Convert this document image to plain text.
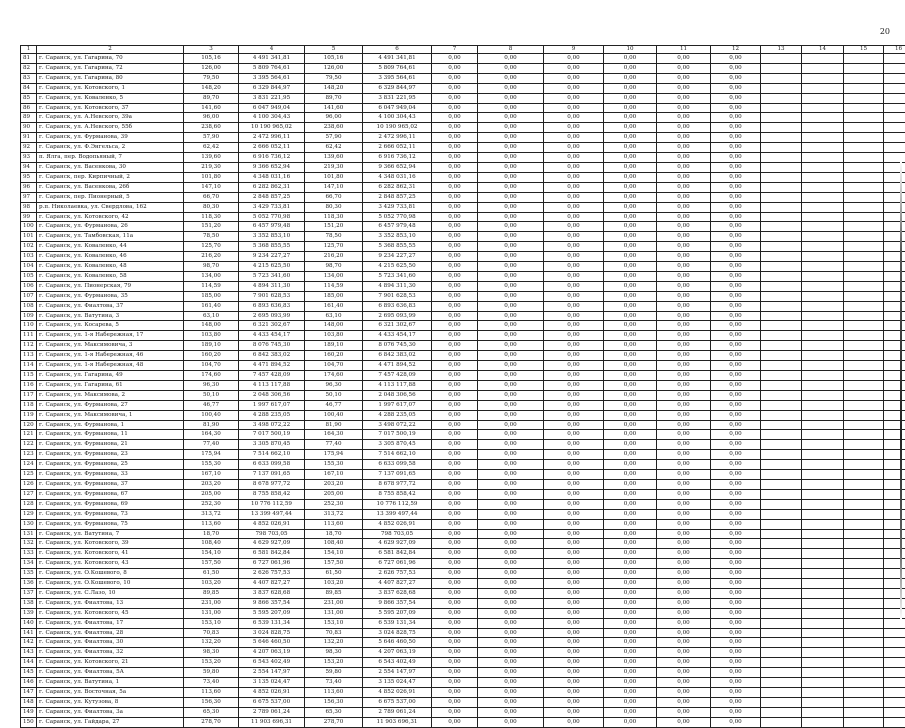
20
1	2	3	4	5	6	7	8	9	10	11	12	13	14	15	16
81	г. Саранск, ул. Гагарина, 70	105,16	4 491 341,81	105,16	4 491 341,81	0,00	0,00	0,00	0,00	0,00	0,00				
82	г. Саранск, ул. Гагарина, 72	126,00	5 809 764,61	126,00	5 809 764,61	0,00	0,00	0,00	0,00	0,00	0,00				
83	г. Саранск, ул. Гагарина, 80	79,50	3 395 564,61	79,50	3 395 564,61	0,00	0,00	0,00	0,00	0,00	0,00				
84	г. Саранск, ул. Котовского, 1	148,20	6 329 844,97	148,20	6 329 844,97	0,00	0,00	0,00	0,00	0,00	0,00				
85	г. Саранск, ул. Коваленко, 5	89,70	3 831 221,95	89,70	3 831 221,95	0,00	0,00	0,00	0,00	0,00	0,00				
86	г. Саранск, ул. Котовского, 37	141,60	6 047 949,04	141,60	6 047 949,04	0,00	0,00	0,00	0,00	0,00	0,00				
89	г. Саранск, ул. А.Невского, 39а	96,00	4 100 304,43	96,00	4 100 304,43	0,00	0,00	0,00	0,00	0,00	0,00				
90	г. Саранск, ул. А.Невского, 55б	238,60	10 190 965,02	238,60	10 190 965,02	0,00	0,00	0,00	0,00	0,00	0,00				
91	г. Саранск, ул. Фурманова, 39	57,90	2 472 996,11	57,90	2 472 996,11	0,00	0,00	0,00	0,00	0,00	0,00				
92	г. Саранск, ул. Ф.Энгельса, 2	62,42	2 666 052,11	62,42	2 666 052,11	0,00	0,00	0,00	0,00	0,00	0,00				
93	п. Ялга, пер. Водопьяный, 7	139,60	6 916 736,12	139,60	6 916 736,12	0,00	0,00	0,00	0,00	0,00	0,00				
94	г. Саранск, ул. Васенкова, 30	219,30	9 366 652,94	219,30	9 366 652,94	0,00	0,00	0,00	0,00	0,00	0,00				
95	г. Саранск, пер. Кирпичный, 2	101,80	4 348 031,16	101,80	4 348 031,16	0,00	0,00	0,00	0,00	0,00	0,00				
96	г. Саранск, ул. Васенкова, 26б	147,10	6 282 862,31	147,10	6 282 862,31	0,00	0,00	0,00	0,00	0,00	0,00				
97	г. Саранск, пер. Пионерный, 5	66,70	2 848 857,25	66,70	2 848 857,25	0,00	0,00	0,00	0,00	0,00	0,00				
98	р.п. Николаевка, ул. Свердлова, 162	80,30	3 429 733,81	80,30	3 429 733,81	0,00	0,00	0,00	0,00	0,00	0,00				
99	г. Саранск, ул. Котовского, 42	118,30	5 052 770,98	118,30	5 052 770,98	0,00	0,00	0,00	0,00	0,00	0,00				
100	г. Саранск, ул. Фурманова, 26	151,20	6 457 979,48	151,20	6 457 979,48	0,00	0,00	0,00	0,00	0,00	0,00				
101	г. Саранск, ул. Тамбовская, 11а	78,50	3 352 853,10	78,50	3 352 853,10	0,00	0,00	0,00	0,00	0,00	0,00				
102	г. Саранск, ул. Коваленко, 44	125,70	5 368 855,55	125,70	5 368 855,55	0,00	0,00	0,00	0,00	0,00	0,00				
103	г. Саранск, ул. Коваленко, 46	216,20	9 234 227,27	216,20	9 234 227,27	0,00	0,00	0,00	0,00	0,00	0,00				
104	г. Саранск, ул. Коваленко, 48	98,70	4 215 625,50	98,70	4 215 625,50	0,00	0,00	0,00	0,00	0,00	0,00				
105	г. Саранск, ул. Коваленко, 58	134,00	5 723 341,60	134,00	5 723 341,60	0,00	0,00	0,00	0,00	0,00	0,00				
106	г. Саранск, ул. Пионерская, 79	114,59	4 894 311,30	114,59	4 894 311,30	0,00	0,00	0,00	0,00	0,00	0,00				
107	г. Саранск, ул. Фурманова, 35	185,00	7 901 628,53	185,00	7 901 628,53	0,00	0,00	0,00	0,00	0,00	0,00				
108	г. Саранск, ул. Фиалтова, 37	161,40	6 893 636,83	161,40	6 893 636,83	0,00	0,00	0,00	0,00	0,00	0,00				
109	г. Саранск, ул. Ватутина, 3	63,10	2 695 093,99	63,10	2 695 093,99	0,00	0,00	0,00	0,00	0,00	0,00				
110	г. Саранск, ул. Косарева, 5	148,00	6 321 302,67	148,00	6 321 302,67	0,00	0,00	0,00	0,00	0,00	0,00				
111	г. Саранск, ул. 1-я Набережная, 17	103,80	4 433 454,17	103,80	4 433 454,17	0,00	0,00	0,00	0,00	0,00	0,00				
112	г. Саранск, ул. Максимовича, 3	189,10	8 076 745,30	189,10	8 076 745,30	0,00	0,00	0,00	0,00	0,00	0,00				
113	г. Саранск, ул. 1-я Набережная, 46	160,20	6 842 383,02	160,20	6 842 383,02	0,00	0,00	0,00	0,00	0,00	0,00				
114	г. Саранск, ул. 1-я Набережная, 48	104,70	4 471 894,52	104,70	4 471 894,52	0,00	0,00	0,00	0,00	0,00	0,00				
115	г. Саранск, ул. Гагарина, 49	174,60	7 457 428,09	174,60	7 457 428,09	0,00	0,00	0,00	0,00	0,00	0,00				
116	г. Саранск, ул. Гагарина, 61	96,30	4 113 117,88	96,30	4 113 117,88	0,00	0,00	0,00	0,00	0,00	0,00				
117	г. Саранск, ул. Максимова, 2	50,10	2 048 306,56	50,10	2 048 306,56	0,00	0,00	0,00	0,00	0,00	0,00				
118	г. Саранск, ул. Фурманова, 27	46,77	1 997 617,07	46,77	1 997 617,07	0,00	0,00	0,00	0,00	0,00	0,00				
119	г. Саранск, ул. Максимовича, 1	100,40	4 288 235,05	100,40	4 288 235,05	0,00	0,00	0,00	0,00	0,00	0,00				
120	г. Саранск, ул. Фурманова, 1	81,90	3 498 072,22	81,90	3 498 072,22	0,00	0,00	0,00	0,00	0,00	0,00				
121	г. Саранск, ул. Фурманова, 11	164,30	7 017 500,19	164,30	7 017 500,19	0,00	0,00	0,00	0,00	0,00	0,00				
122	г. Саранск, ул. Фурманова, 21	77,40	3 305 870,45	77,40	3 305 870,45	0,00	0,00	0,00	0,00	0,00	0,00				
123	г. Саранск, ул. Фурманова, 23	175,94	7 514 662,10	175,94	7 514 662,10	0,00	0,00	0,00	0,00	0,00	0,00				
124	г. Саранск, ул. Фурманова, 25	155,30	6 633 099,58	155,30	6 633 099,58	0,00	0,00	0,00	0,00	0,00	0,00				
125	г. Саранск, ул. Фурманова, 33	167,10	7 137 091,65	167,10	7 137 091,65	0,00	0,00	0,00	0,00	0,00	0,00				
126	г. Саранск, ул. Фурманова, 37	203,20	8 678 977,72	203,20	8 678 977,72	0,00	0,00	0,00	0,00	0,00	0,00				
127	г. Саранск, ул. Фурманова, 67	205,00	8 755 858,42	205,00	8 755 858,42	0,00	0,00	0,00	0,00	0,00	0,00				
128	г. Саранск, ул. Фурманова, 69	252,30	10 776 112,59	252,30	10 776 112,59	0,00	0,00	0,00	0,00	0,00	0,00				
129	г. Саранск, ул. Фурманова, 73	313,72	13 399 497,44	313,72	13 399 497,44	0,00	0,00	0,00	0,00	0,00	0,00				
130	г. Саранск, ул. Фурманова, 75	113,60	4 852 026,91	113,60	4 852 026,91	0,00	0,00	0,00	0,00	0,00	0,00				
131	г. Саранск, ул. Ватутина, 7	18,70	798 703,05	18,70	798 703,05	0,00	0,00	0,00	0,00	0,00	0,00				
132	г. Саранск, ул. Котовского, 39	108,40	4 629 927,09	108,40	4 629 927,09	0,00	0,00	0,00	0,00	0,00	0,00				
133	г. Саранск, ул. Котовского, 41	154,10	6 581 842,84	154,10	6 581 842,84	0,00	0,00	0,00	0,00	0,00	0,00				
134	г. Саранск, ул. Котовского, 43	157,50	6 727 061,96	157,50	6 727 061,96	0,00	0,00	0,00	0,00	0,00	0,00				
135	г. Саранск, ул. О.Кошевого, 8	61,50	2 626 757,53	61,50	2 626 757,53	0,00	0,00	0,00	0,00	0,00	0,00				
136	г. Саранск, ул. О.Кошевого, 10	103,20	4 407 827,27	103,20	4 407 827,27	0,00	0,00	0,00	0,00	0,00	0,00				
137	г. Саранск, ул. С.Лазо, 10	89,85	3 837 628,68	89,85	3 837 628,68	0,00	0,00	0,00	0,00	0,00	0,00				
138	г. Саранск, ул. Фиалтова, 13	231,00	9 866 357,54	231,00	9 866 357,54	0,00	0,00	0,00	0,00	0,00	0,00				
139	г. Саранск, ул. Котовского, 45	131,00	5 595 207,09	131,00	5 595 207,09	0,00	0,00	0,00	0,00	0,00	0,00				
140	г. Саранск, ул. Фиалтова, 17	153,10	6 539 131,34	153,10	6 539 131,34	0,00	0,00	0,00	0,00	0,00	0,00				
141	г. Саранск, ул. Фиалтова, 28	70,83	3 024 828,75	70,83	3 024 828,75	0,00	0,00	0,00	0,00	0,00	0,00				
142	г. Саранск, ул. Фиалтова, 30	132,20	5 646 460,50	132,20	5 646 460,50	0,00	0,00	0,00	0,00	0,00	0,00				
143	г. Саранск, ул. Фиалтова, 32	98,30	4 207 063,19	98,30	4 207 063,19	0,00	0,00	0,00	0,00	0,00	0,00				
144	г. Саранск, ул. Котовского, 21	153,20	6 543 402,49	153,20	6 543 402,49	0,00	0,00	0,00	0,00	0,00	0,00				
145	г. Саранск, ул. Фиалтова, 5А	59,80	2 554 147,97	59,80	2 554 147,97	0,00	0,00	0,00	0,00	0,00	0,00				
146	г. Саранск, ул. Ватутина, 1	73,40	3 135 024,47	73,40	3 135 024,47	0,00	0,00	0,00	0,00	0,00	0,00				
147	г. Саранск, ул. Восточная, 5а	113,60	4 852 026,91	113,60	4 852 026,91	0,00	0,00	0,00	0,00	0,00	0,00				
148	г. Саранск, ул. Кутузова, 8	156,30	6 675 537,00	156,30	6 675 537,00	0,00	0,00	0,00	0,00	0,00	0,00				
149	г. Саранск, ул. Фиалтова, 3а	65,30	2 789 061,24	65,30	2 789 061,24	0,00	0,00	0,00	0,00	0,00	0,00				
150	г. Саранск, ул. Гайдара, 27	278,70	11 903 696,31	278,70	11 903 696,31	0,00	0,00	0,00	0,00	0,00	0,00				
